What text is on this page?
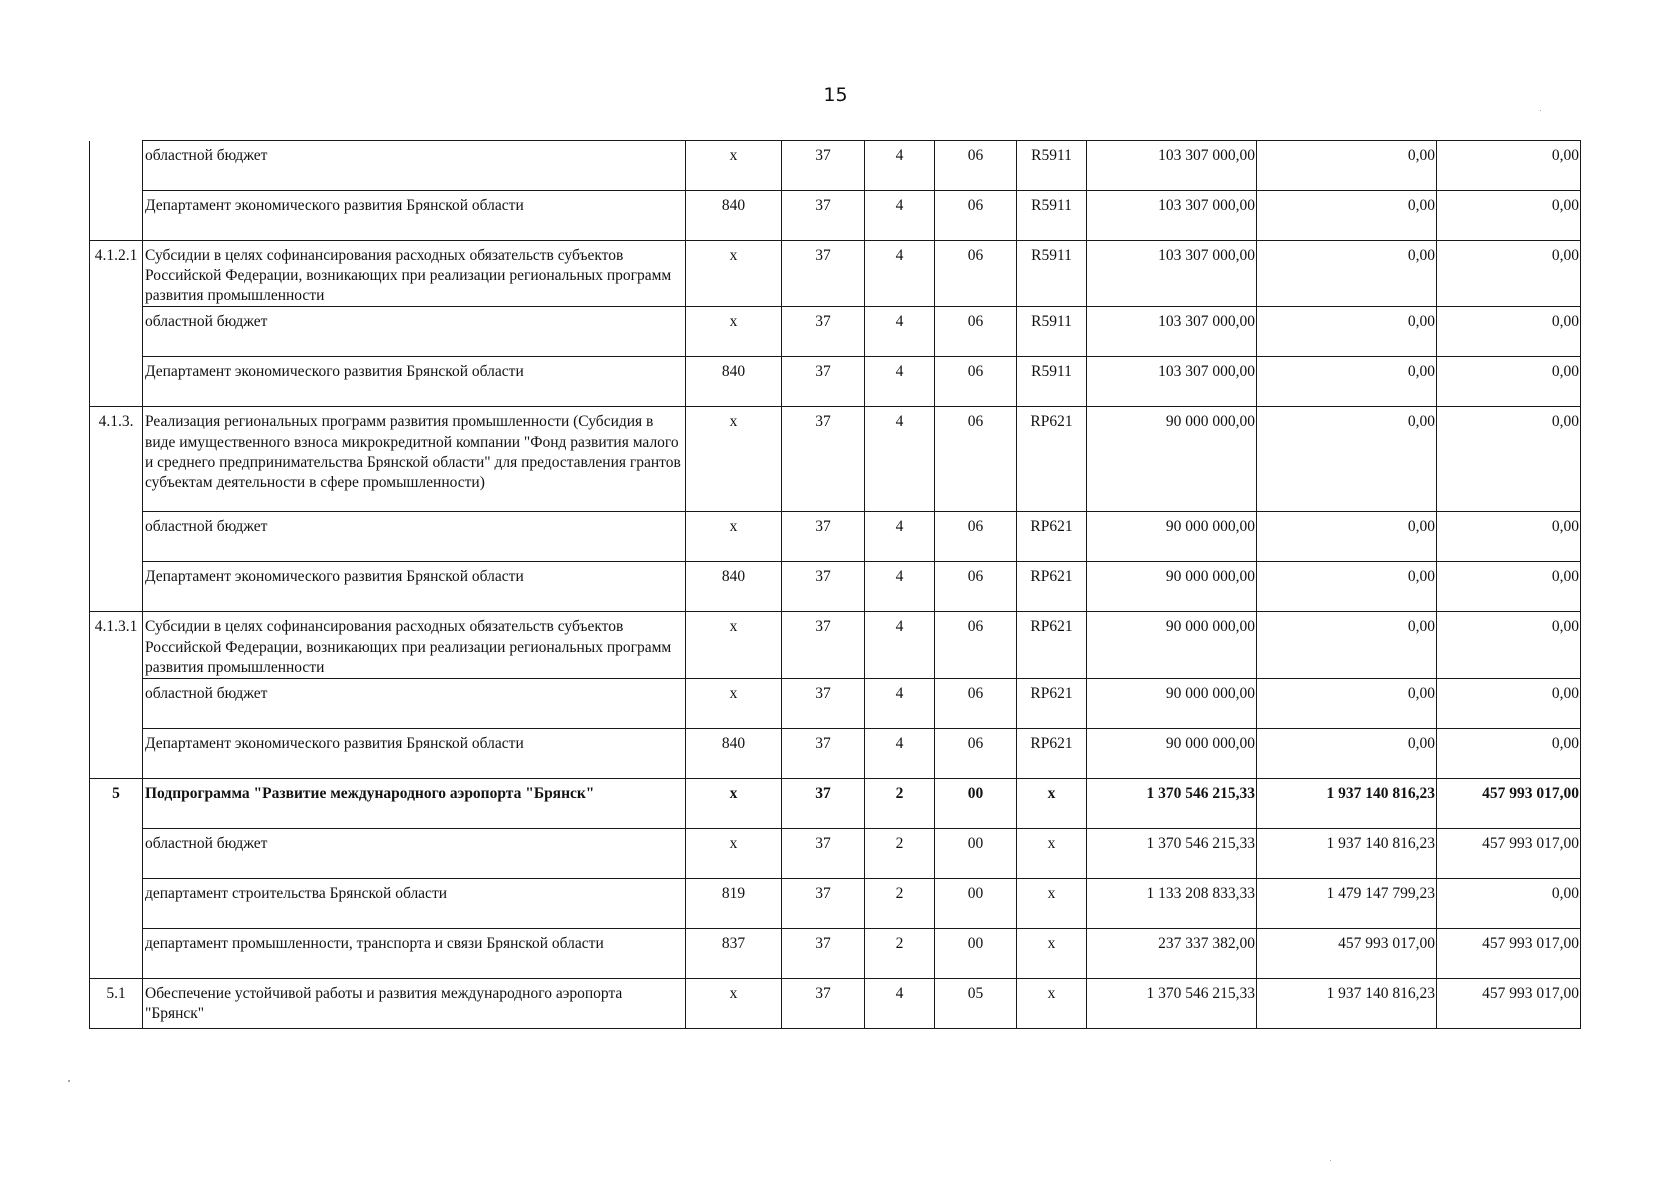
15
	областной бюджет	х	37	4	06	R5911	103 307 000,00	0,00	0,00
	Департамент экономического развития Брянской области	840	37	4	06	R5911	103 307 000,00	0,00	0,00
4.1.2.1	Субсидии в целях софинансирования расходных обязательств субъектов Российской Федерации, возникающих при реализации региональных программ развития промышленности	х	37	4	06	R5911	103 307 000,00	0,00	0,00
	областной бюджет	х	37	4	06	R5911	103 307 000,00	0,00	0,00
	Департамент экономического развития Брянской области	840	37	4	06	R5911	103 307 000,00	0,00	0,00
4.1.3.	Реализация региональных программ развития промышленности (Субсидия в виде имущественного взноса микрокредитной компании "Фонд развития малого и среднего предпринимательства Брянской области" для предоставления грантов субъектам деятельности в сфере промышленности)	х	37	4	06	RP621	90 000 000,00	0,00	0,00
	областной бюджет	х	37	4	06	RP621	90 000 000,00	0,00	0,00
	Департамент экономического развития Брянской области	840	37	4	06	RP621	90 000 000,00	0,00	0,00
4.1.3.1	Субсидии в целях софинансирования расходных обязательств субъектов Российской Федерации, возникающих при реализации региональных программ развития промышленности	х	37	4	06	RP621	90 000 000,00	0,00	0,00
	областной бюджет	х	37	4	06	RP621	90 000 000,00	0,00	0,00
	Департамент экономического развития Брянской области	840	37	4	06	RP621	90 000 000,00	0,00	0,00
5	Подпрограмма "Развитие международного аэропорта "Брянск"	х	37	2	00	х	1 370 546 215,33	1 937 140 816,23	457 993 017,00
	областной бюджет	х	37	2	00	х	1 370 546 215,33	1 937 140 816,23	457 993 017,00
	департамент строительства Брянской области	819	37	2	00	х	1 133 208 833,33	1 479 147 799,23	0,00
	департамент промышленности, транспорта и связи Брянской области	837	37	2	00	х	237 337 382,00	457 993 017,00	457 993 017,00
5.1	Обеспечение устойчивой работы и развития международного аэропорта "Брянск"	х	37	4	05	х	1 370 546 215,33	1 937 140 816,23	457 993 017,00
